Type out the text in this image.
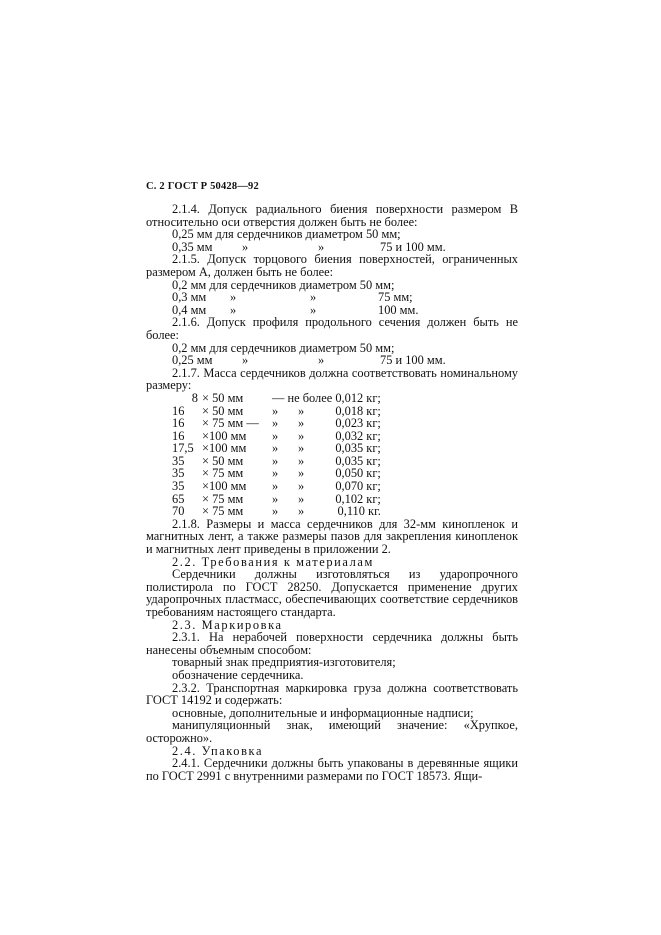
С. 2 ГОСТ Р 50428—92

2.1.4. Допуск радиального биения поверхности размером B относительно оси отверстия должен быть не более:

0,25 мм для сердечников диаметром 50 мм;
0,35 мм	»	»	75 и 100 мм.

2.1.5. Допуск торцового биения поверхностей, ограниченных размером A, должен быть не более:

0,2 мм для сердечников диаметром 50 мм;			
0,3 мм	»	»	75 мм;
0,4 мм	»	»	100 мм.

2.1.6. Допуск профиля продольного сечения должен быть не более:

0,2 мм для сердечников диаметром 50 мм;
0,25 мм	»	»	75 и 100 мм.

2.1.7. Масса сердечников должна соответствовать номинальному размеру:

8	× 50 мм	— не более 0,012 кг;		
16	× 50 мм	»	»	0,018 кг;
16	× 75 мм —	»	»	0,023 кг;
16	×100 мм	»	»	0,032 кг;
17,5	×100 мм	»	»	0,035 кг;
35	× 50 мм	»	»	0,035 кг;
35	× 75 мм	»	»	0,050 кг;
35	×100 мм	»	»	0,070 кг;
65	× 75 мм	»	»	0,102 кг;
70	× 75 мм	»	»	0,110 кг.

2.1.8. Размеры и масса сердечников для 32-мм кинопленок и магнитных лент, а также размеры пазов для закрепления кинопленок и магнитных лент приведены в приложении 2.

2.2. Требования к материалам

Сердечники должны изготовляться из ударопрочного полистирола по ГОСТ 28250. Допускается применение других ударопрочных пластмасс, обеспечивающих соответствие сердечников требованиям настоящего стандарта.

2.3. Маркировка

2.3.1. На нерабочей поверхности сердечника должны быть нанесены объемным способом:

товарный знак предприятия-изготовителя;

обозначение сердечника.

2.3.2. Транспортная маркировка груза должна соответствовать ГОСТ 14192 и содержать:

основные, дополнительные и информационные надписи;

манипуляционный знак, имеющий значение: «Хрупкое, осторожно».

2.4. Упаковка

2.4.1. Сердечники должны быть упакованы в деревянные ящики по ГОСТ 2991 с внутренними размерами по ГОСТ 18573. Ящи-
